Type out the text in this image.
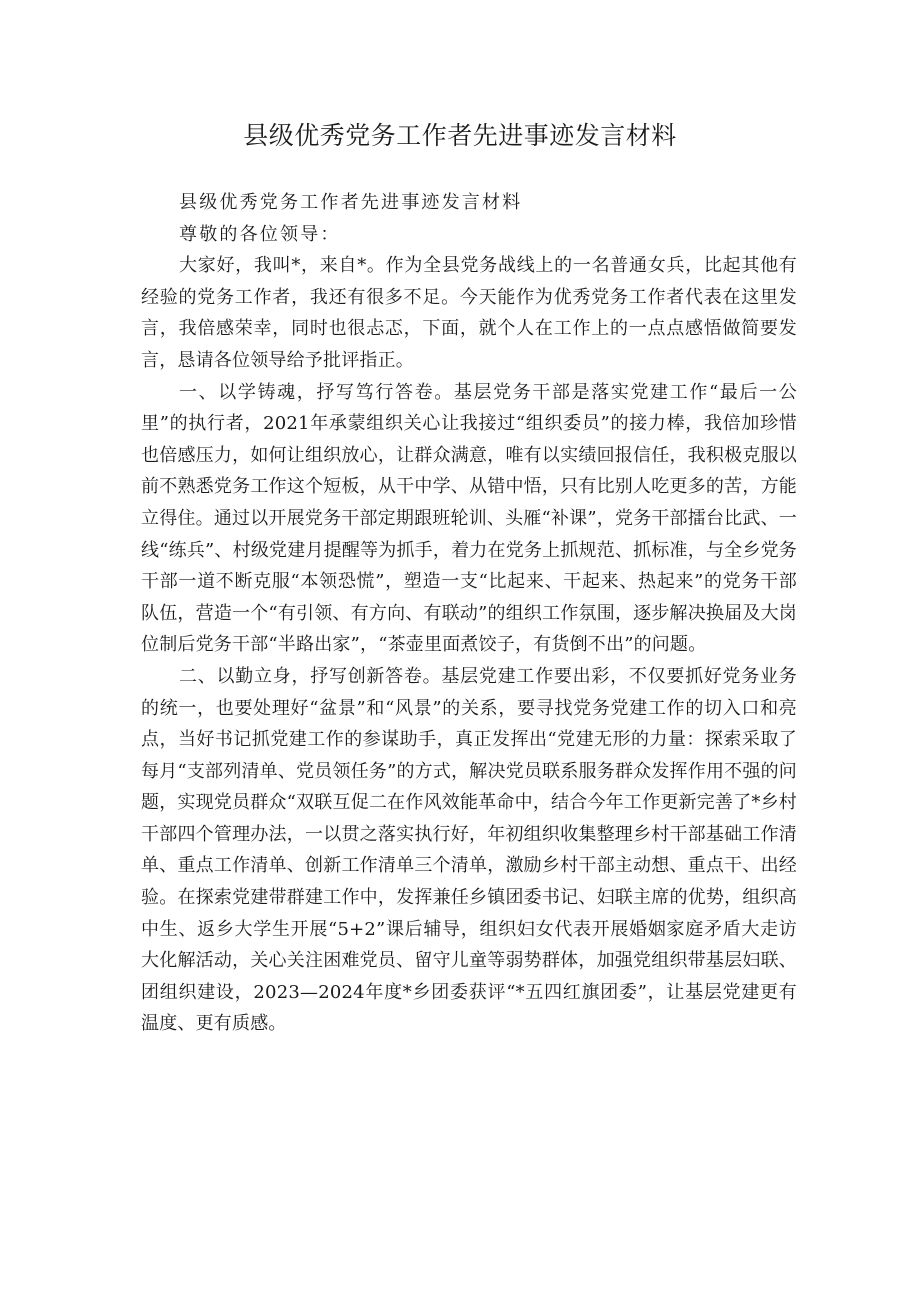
县级优秀党务工作者先进事迹发言材料

县级优秀党务工作者先进事迹发言材料

尊敬的各位领导：

大家好，我叫*，来自*。作为全县党务战线上的一名普通女兵，比起其他有经验的党务工作者，我还有很多不足。今天能作为优秀党务工作者代表在这里发言，我倍感荣幸，同时也很忐忑，下面，就个人在工作上的一点点感悟做简要发言，恳请各位领导给予批评指正。

一、以学铸魂，抒写笃行答卷。基层党务干部是落实党建工作“最后一公里”的执行者，2021年承蒙组织关心让我接过“组织委员”的接力棒，我倍加珍惜也倍感压力，如何让组织放心，让群众满意，唯有以实绩回报信任，我积极克服以前不熟悉党务工作这个短板，从干中学、从错中悟，只有比别人吃更多的苦，方能立得住。通过以开展党务干部定期跟班轮训、头雁“补课”，党务干部擂台比武、一线“练兵”、村级党建月提醒等为抓手，着力在党务上抓规范、抓标准，与全乡党务干部一道不断克服“本领恐慌”，塑造一支“比起来、干起来、热起来”的党务干部队伍，营造一个“有引领、有方向、有联动”的组织工作氛围，逐步解决换届及大岗位制后党务干部“半路出家”，“茶壶里面煮饺子，有货倒不出”的问题。

二、以勤立身，抒写创新答卷。基层党建工作要出彩，不仅要抓好党务业务的统一，也要处理好“盆景”和“风景”的关系，要寻找党务党建工作的切入口和亮点，当好书记抓党建工作的参谋助手，真正发挥出“党建无形的力量：探索采取了每月“支部列清单、党员领任务”的方式，解决党员联系服务群众发挥作用不强的问题，实现党员群众“双联互促二在作风效能革命中，结合今年工作更新完善了*乡村干部四个管理办法，一以贯之落实执行好，年初组织收集整理乡村干部基础工作清单、重点工作清单、创新工作清单三个清单，激励乡村干部主动想、重点干、出经验。在探索党建带群建工作中，发挥兼任乡镇团委书记、妇联主席的优势，组织高中生、返乡大学生开展“5+2”课后辅导，组织妇女代表开展婚姻家庭矛盾大走访大化解活动，关心关注困难党员、留守儿童等弱势群体，加强党组织带基层妇联、团组织建设，2023—2024年度*乡团委获评“*五四红旗团委”，让基层党建更有温度、更有质感。
